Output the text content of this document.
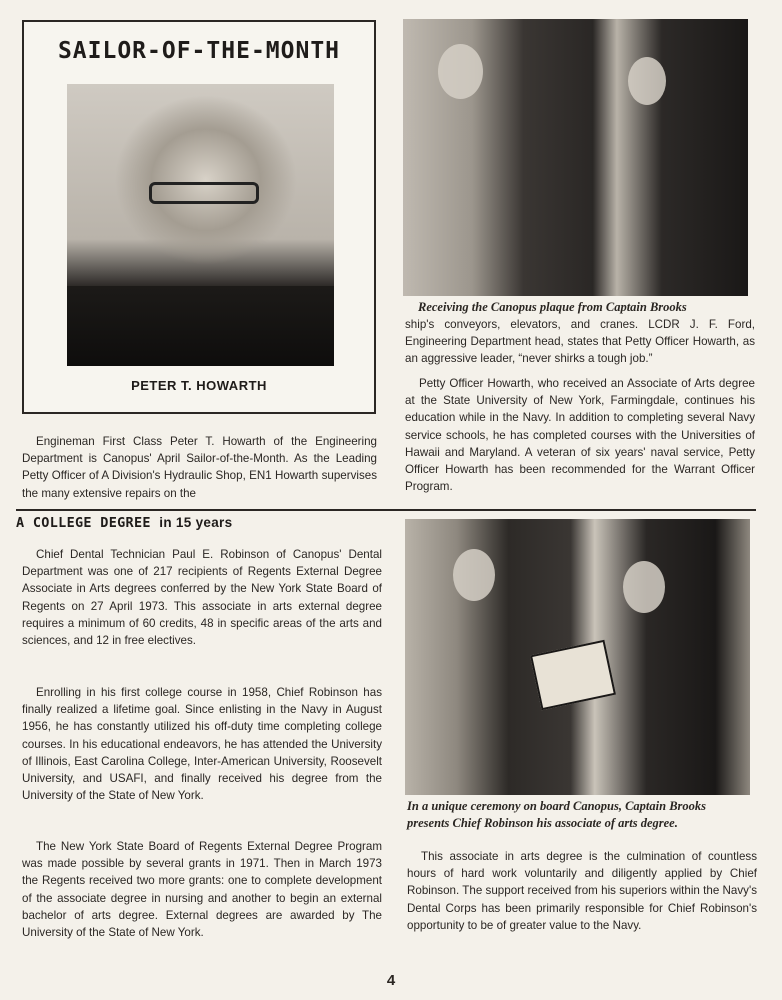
SAILOR-OF-THE-MONTH
PETER T. HOWARTH
Receiving the Canopus plaque from Captain Brooks

Engineman First Class Peter T. Howarth of the Engineering Department is Canopus' April Sailor-of-the-Month. As the Leading Petty Officer of A Division's Hydraulic Shop, EN1 Howarth supervises the many extensive repairs on the

ship's conveyors, elevators, and cranes. LCDR J. F. Ford, Engineering Department head, states that Petty Officer Howarth, as an aggressive leader, “never shirks a tough job.”

Petty Officer Howarth, who received an Associate of Arts degree at the State University of New York, Farmingdale, continues his education while in the Navy. In addition to completing several Navy service schools, he has completed courses with the Universities of Hawaii and Maryland. A veteran of six years' naval service, Petty Officer Howarth has been recommended for the Warrant Officer Program.

A COLLEGE DEGREE in 15 years

Chief Dental Technician Paul E. Robinson of Canopus' Dental Department was one of 217 recipients of Regents External Degree Associate in Arts degrees conferred by the New York State Board of Regents on 27 April 1973. This associate in arts external degree requires a minimum of 60 credits, 48 in specific areas of the arts and sciences, and 12 in free electives.

Enrolling in his first college course in 1958, Chief Robinson has finally realized a lifetime goal. Since enlisting in the Navy in August 1956, he has constantly utilized his off-duty time completing college courses. In his educational endeavors, he has attended the University of Illinois, East Carolina College, Inter-American University, Roosevelt University, and USAFI, and finally received his degree from the University of the State of New York.

The New York State Board of Regents External Degree Program was made possible by several grants in 1971. Then in March 1973 the Regents received two more grants: one to complete development of the associate degree in nursing and another to begin an external bachelor of arts degree. External degrees are awarded by The University of the State of New York.

In a unique ceremony on board Canopus, Captain Brooks
presents Chief Robinson his associate of arts degree.

This associate in arts degree is the culmination of countless hours of hard work voluntarily and diligently applied by Chief Robinson. The support received from his superiors within the Navy's Dental Corps has been primarily responsible for Chief Robinson's opportunity to be of greater value to the Navy.

4
